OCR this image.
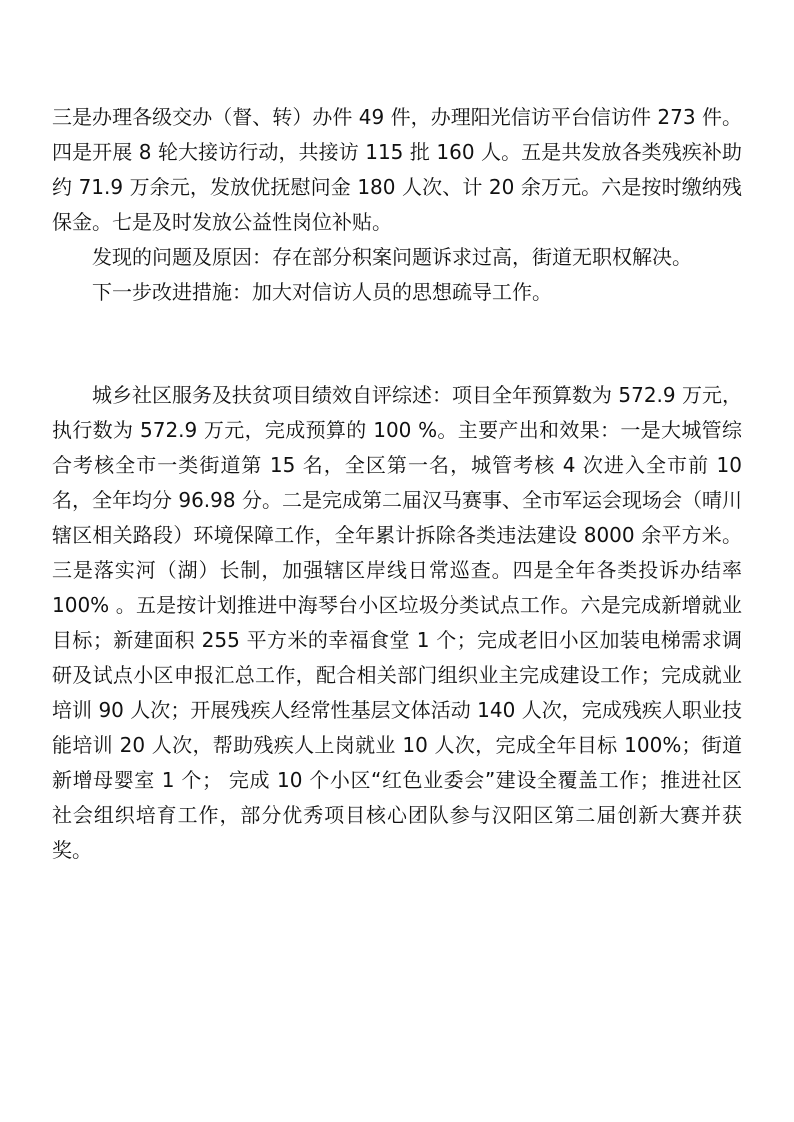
三是办理各级交办（督、转）办件 49 件，办理阳光信访平台信访件 273 件。四是开展 8 轮大接访行动，共接访 115 批 160 人。五是共发放各类残疾补助约 71.9 万余元，发放优抚慰问金 180 人次、计 20 余万元。六是按时缴纳残保金。七是及时发放公益性岗位补贴。

发现的问题及原因：存在部分积案问题诉求过高，街道无职权解决。

下一步改进措施：加大对信访人员的思想疏导工作。

城乡社区服务及扶贫项目绩效自评综述：项目全年预算数为 572.9 万元，执行数为 572.9 万元，完成预算的 100 %。主要产出和效果：一是大城管综合考核全市一类街道第 15 名，全区第一名，城管考核 4 次进入全市前 10 名，全年均分 96.98 分。二是完成第二届汉马赛事、全市军运会现场会（晴川辖区相关路段）环境保障工作，全年累计拆除各类违法建设 8000 余平方米。 三是落实河（湖）长制，加强辖区岸线日常巡查。四是全年各类投诉办结率 100% 。五是按计划推进中海琴台小区垃圾分类试点工作。六是完成新增就业目标；新建面积 255 平方米的幸福食堂 1 个；完成老旧小区加装电梯需求调研及试点小区申报汇总工作，配合相关部门组织业主完成建设工作；完成就业培训 90 人次；开展残疾人经常性基层文体活动 140 人次，完成残疾人职业技能培训 20 人次，帮助残疾人上岗就业 10 人次，完成全年目标 100%；街道新增母婴室 1 个； 完成 10 个小区“红色业委会”建设全覆盖工作；推进社区社会组织培育工作，部分优秀项目核心团队参与汉阳区第二届创新大赛并获奖。
